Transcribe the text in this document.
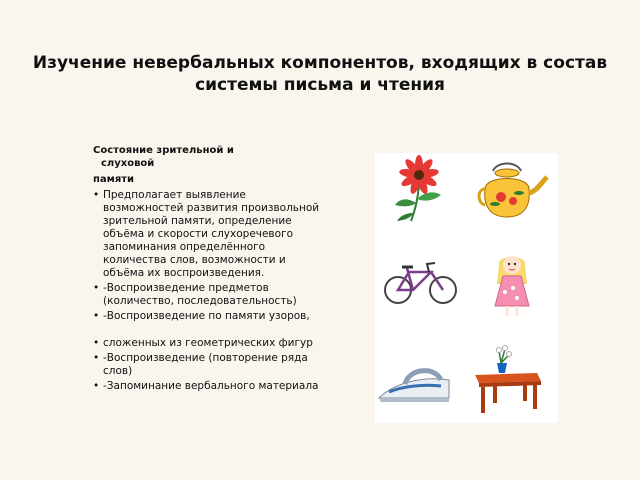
Изучение невербальных компонентов, входящих в состав системы письма и чтения
Состояние зрительной и
слуховой
памяти
• Предполагает выявление возможностей развития произвольной зрительной памяти, определение объёма и скорости слухоречевого запоминания определённого количества слов, возможности и объёма их воспроизведения.
• -Воспроизведение предметов (количество, последовательность)
• -Воспроизведение по памяти узоров,
• сложенных из геометрических фигур
• -Воспроизведение (повторение ряда слов)
• -Запоминание вербального материала
